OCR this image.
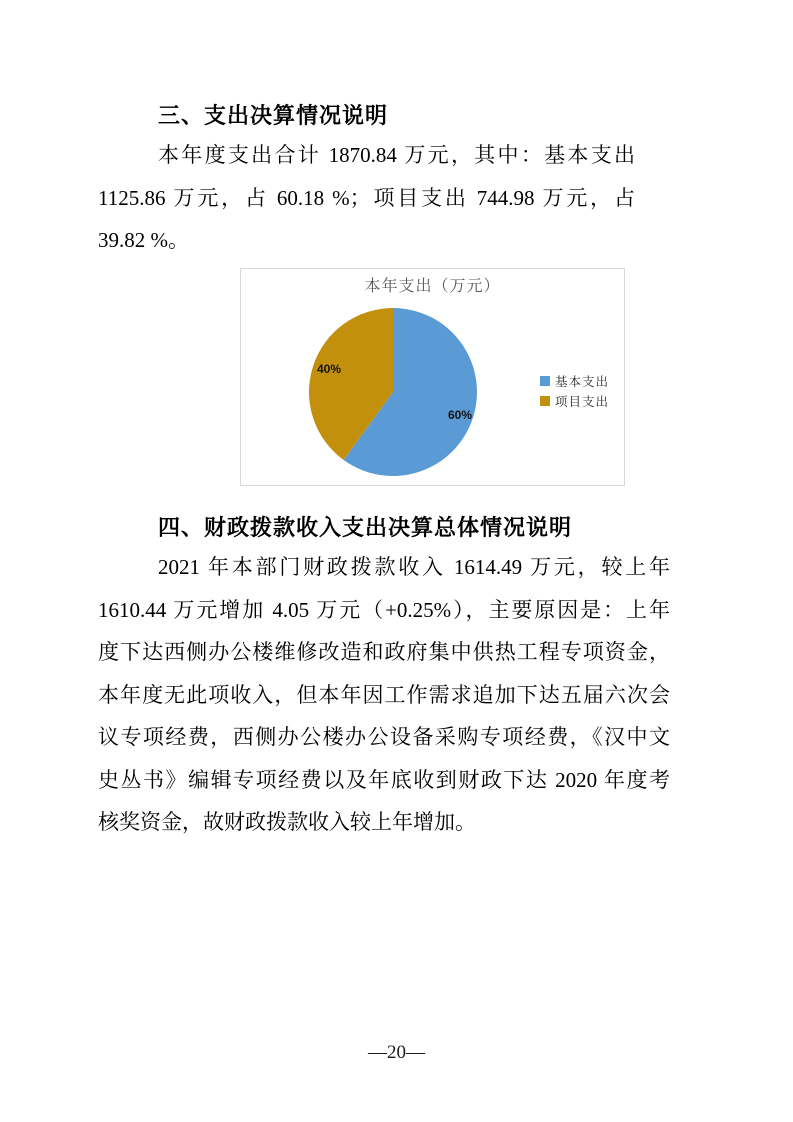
三、支出决算情况说明
本年度支出合计 1870.84 万元，其中：基本支出
1125.86 万元，占 60.18 %；项目支出 744.98 万元，占
39.82 %。
本年支出（万元）
40%
60%
基本支出
项目支出
四、财政拨款收入支出决算总体情况说明
2021 年本部门财政拨款收入 1614.49 万元，较上年
1610.44 万元增加 4.05 万元（+0.25%），主要原因是：上年
度下达西侧办公楼维修改造和政府集中供热工程专项资金，
本年度无此项收入，但本年因工作需求追加下达五届六次会
议专项经费，西侧办公楼办公设备采购专项经费，《汉中文
史丛书》编辑专项经费以及年底收到财政下达 2020 年度考
核奖资金，故财政拨款收入较上年增加。
—20—
